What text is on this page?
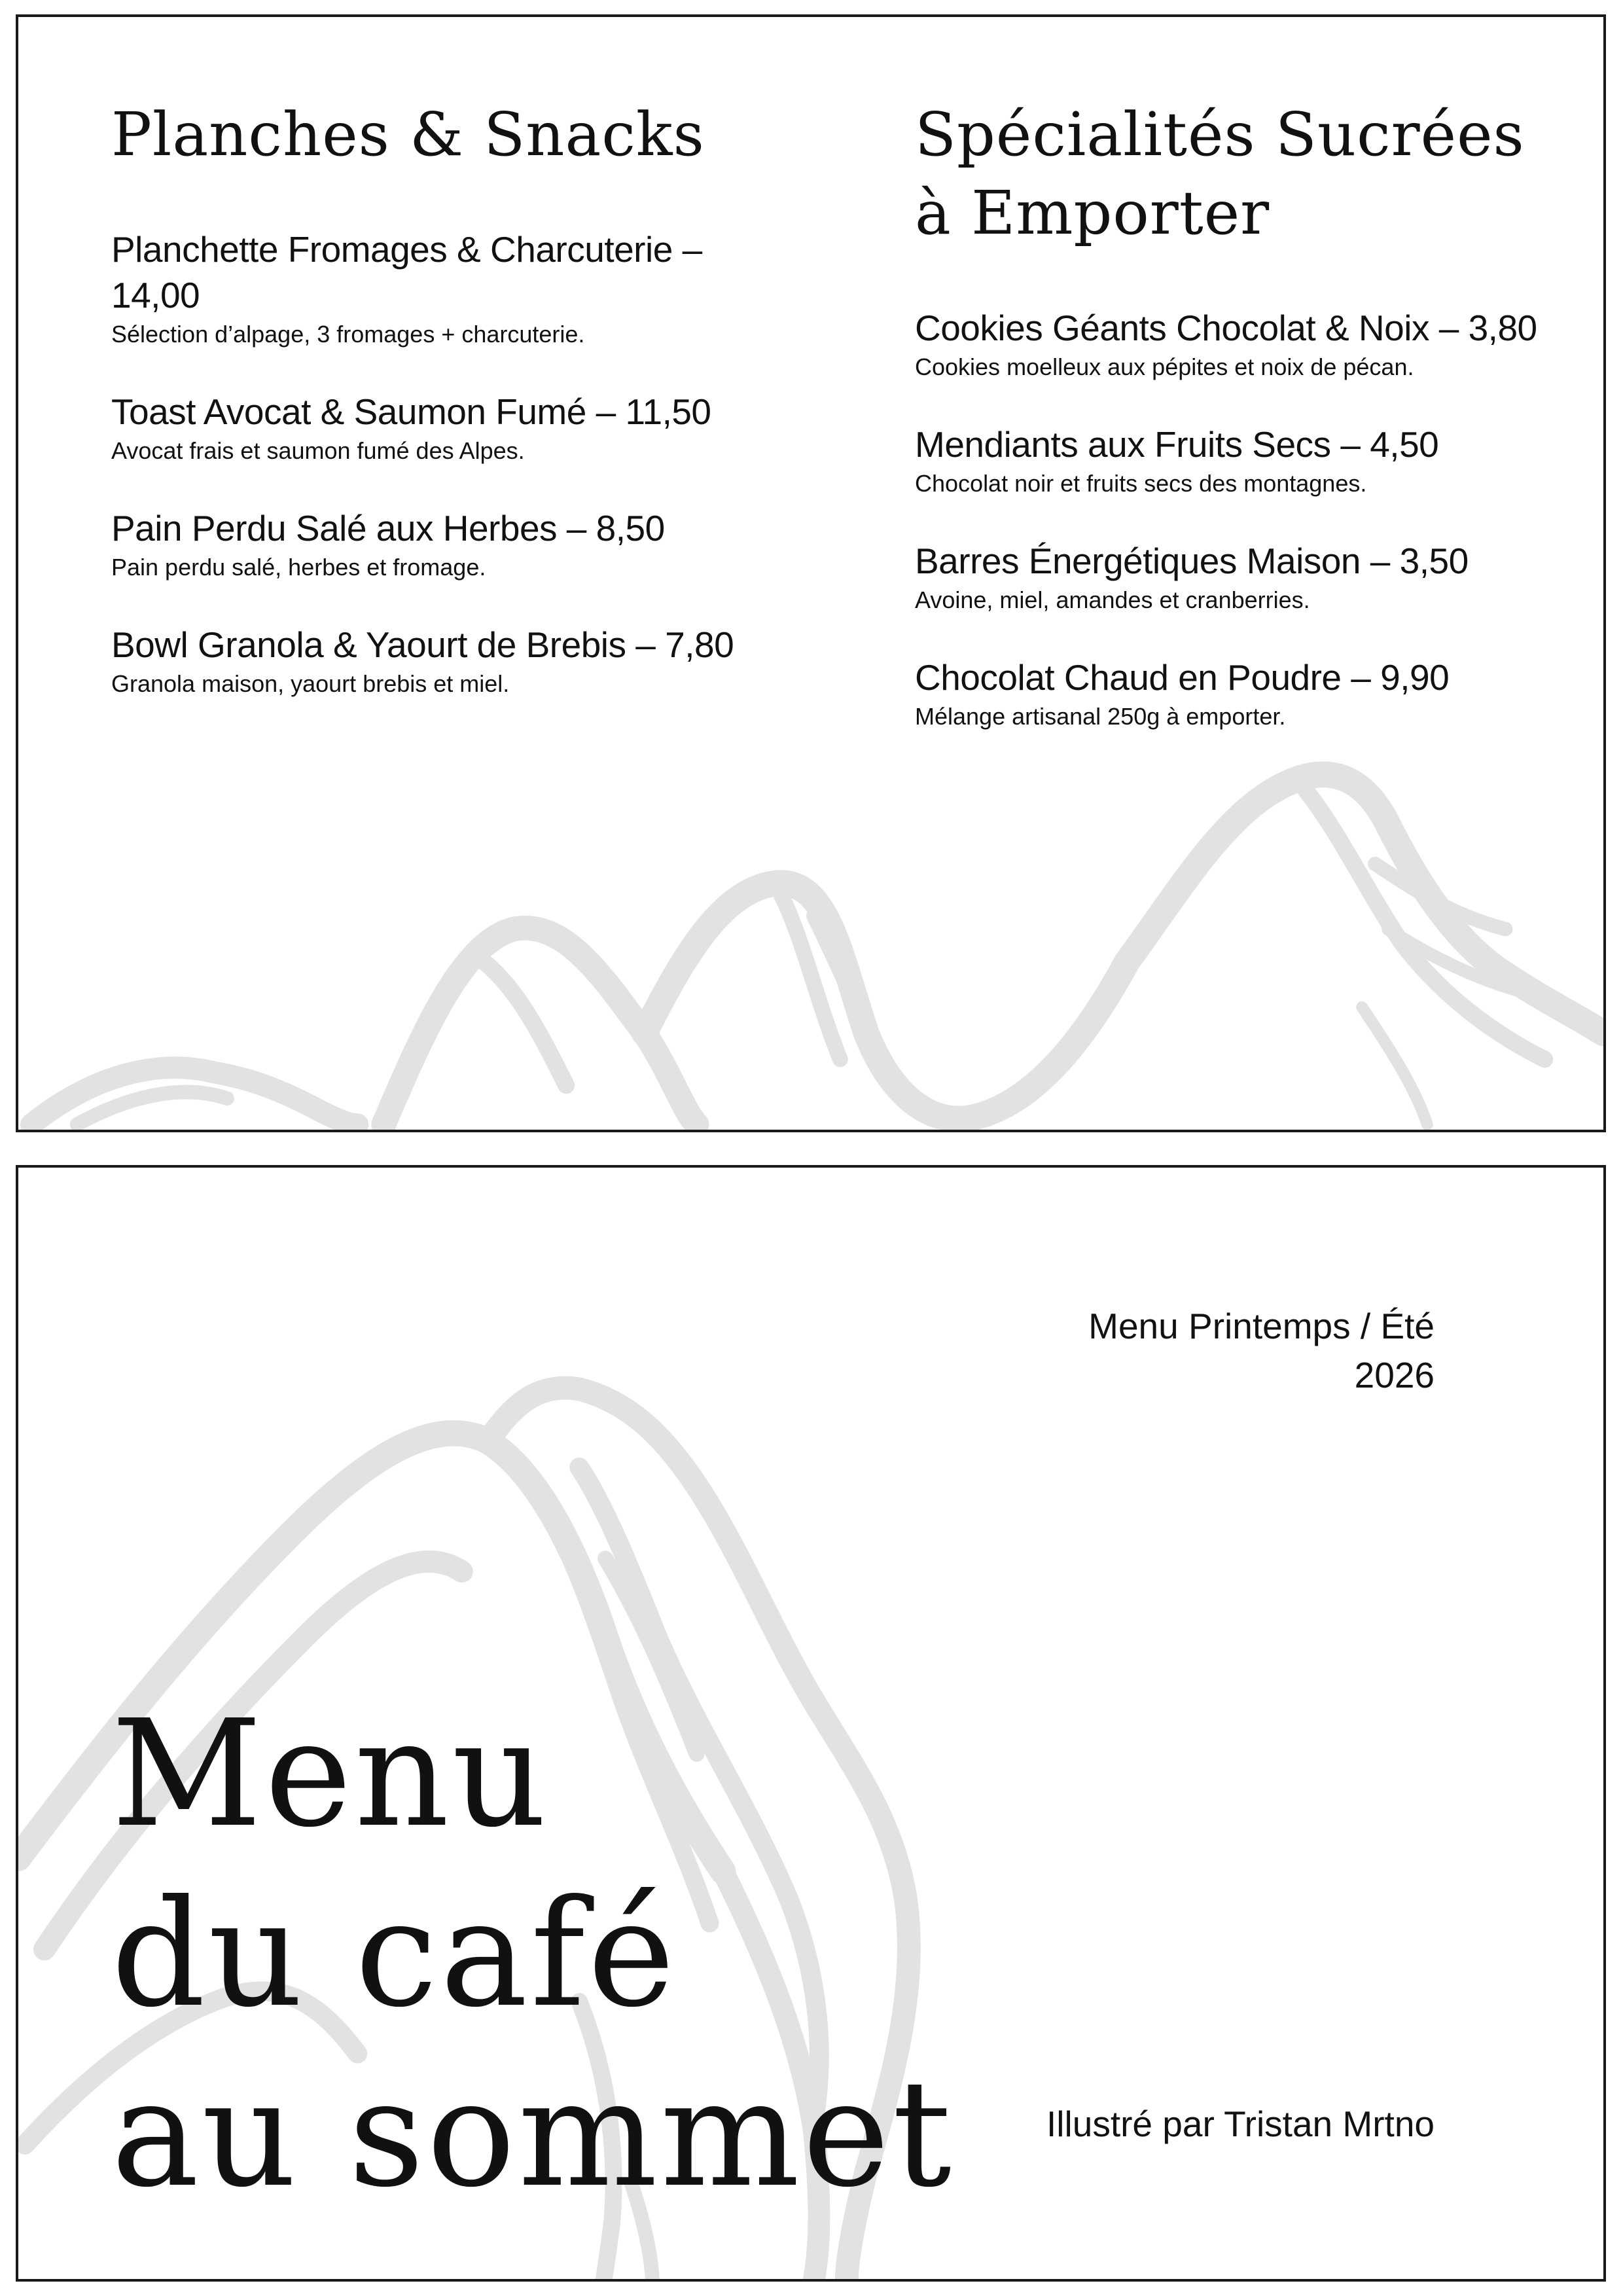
Planches & Snacks
Planchette Fromages & Charcuterie – 14,00
Sélection d’alpage, 3 fromages + charcuterie.
Toast Avocat & Saumon Fumé – 11,50
Avocat frais et saumon fumé des Alpes.
Pain Perdu Salé aux Herbes – 8,50
Pain perdu salé, herbes et fromage.
Bowl Granola & Yaourt de Brebis – 7,80
Granola maison, yaourt brebis et miel.
Spécialités Sucrées à Emporter
Cookies Géants Chocolat & Noix – 3,80
Cookies moelleux aux pépites et noix de pécan.
Mendiants aux Fruits Secs – 4,50
Chocolat noir et fruits secs des montagnes.
Barres Énergétiques Maison – 3,50
Avoine, miel, amandes et cranberries.
Chocolat Chaud en Poudre – 9,90
Mélange artisanal 250g à emporter.
Menu Printemps / Été 2026
Menu
du café
au sommet	Illustré par Tristan Mrtno
